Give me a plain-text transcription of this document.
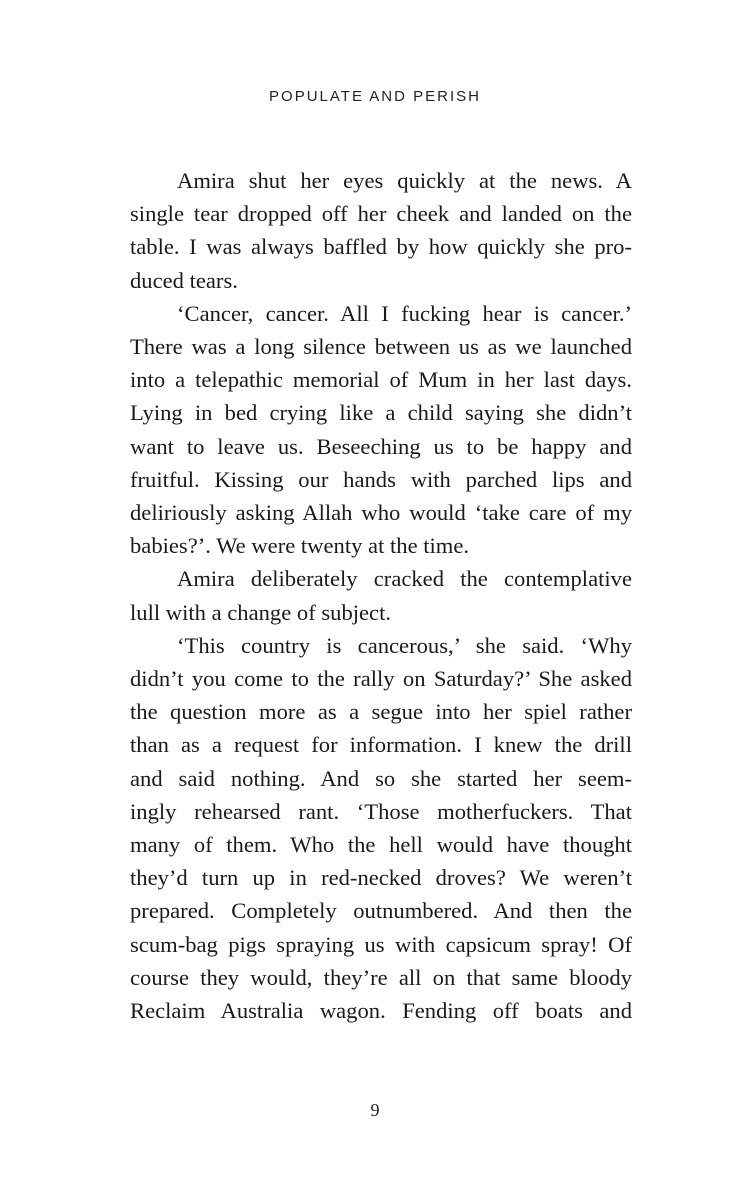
POPULATE AND PERISH
Amira shut her eyes quickly at the news. A
single tear dropped off her cheek and landed on the
table. I was always baffled by how quickly she pro-
duced tears.
‘Cancer, cancer. All I fucking hear is cancer.’
There was a long silence between us as we launched
into a telepathic memorial of Mum in her last days.
Lying in bed crying like a child saying she didn’t
want to leave us. Beseeching us to be happy and
fruitful. Kissing our hands with parched lips and
deliriously asking Allah who would ‘take care of my
babies?’. We were twenty at the time.
Amira deliberately cracked the contemplative
lull with a change of subject.
‘This country is cancerous,’ she said. ‘Why
didn’t you come to the rally on Saturday?’ She asked
the question more as a segue into her spiel rather
than as a request for information. I knew the drill
and said nothing. And so she started her seem-
ingly rehearsed rant. ‘Those motherfuckers. That
many of them. Who the hell would have thought
they’d turn up in red-necked droves? We weren’t
prepared. Completely outnumbered. And then the
scum-bag pigs spraying us with capsicum spray! Of
course they would, they’re all on that same bloody
Reclaim Australia wagon. Fending off boats and
9
